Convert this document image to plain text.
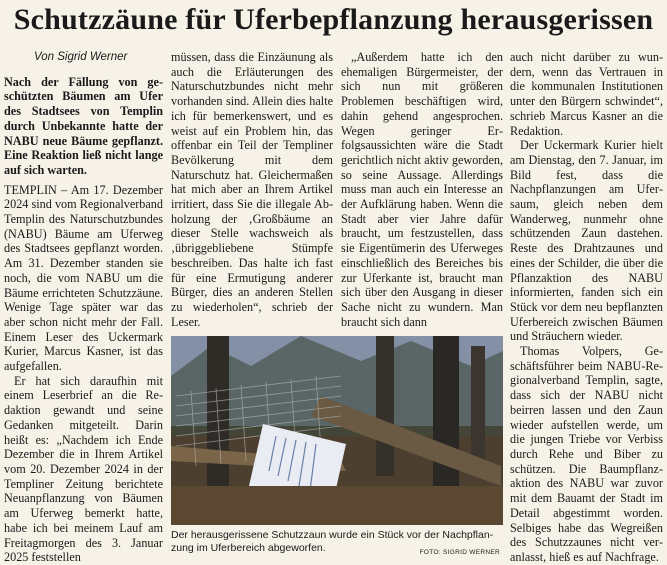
Schutzzäune für Uferbepflanzung herausgerissen

Von Sigrid Werner

Nach der Fällung von geschützten Bäumen am Ufer des Stadtsees von Templin durch Unbekannte hatte der NABU neue Bäume gepflanzt. Eine Reaktion ließ nicht lange auf sich warten.

TEMPLIN – Am 17. Dezember 2024 sind vom Regionalverband Templin des Naturschutzbundes (NABU) Bäume am Uferweg des Stadtsees gepflanzt worden. Am 31. Dezember standen sie noch, die vom NABU um die Bäume errichteten Schutzzäune. Wenige Tage später war das aber schon nicht mehr der Fall. Einem Leser des Uckermark Kurier, Marcus Kasner, ist das aufgefallen.

Er hat sich daraufhin mit einem Leserbrief an die Redaktion gewandt und seine Gedanken mitgeteilt. Darin heißt es: „Nachdem ich Ende Dezember die in Ihrem Artikel vom 20. Dezember 2024 in der Templiner Zeitung berichtete Neuanpflanzung von Bäumen am Uferweg bemerkt hatte, habe ich bei meinem Lauf am Freitagmorgen des 3. Januar 2025 feststellen

müssen, dass die Einzäunung als auch die Erläuterungen des Naturschutzbundes nicht mehr vorhanden sind. Allein dies halte ich für bemerkenswert, und es weist auf ein Problem hin, das offenbar ein Teil der Templiner Bevölkerung mit dem Naturschutz hat. Gleichermaßen hat mich aber an Ihrem Artikel irritiert, dass Sie die illegale Abholzung der ‚Großbäume an dieser Stelle wachsweich als ‚übriggebliebene Stümpfe beschreiben. Das halte ich fast für eine Ermutigung anderer Bürger, dies an anderen Stellen zu wiederholen“, schrieb der Leser.

„Außerdem hatte ich den ehemaligen Bürgermeister, der sich nun mit größeren Problemen beschäftigen wird, dahin gehend angesprochen. Wegen geringer Erfolgsaussichten wäre die Stadt gerichtlich nicht aktiv geworden, so seine Aussage. Allerdings muss man auch ein Interesse an der Aufklärung haben. Wenn die Stadt aber vier Jahre dafür braucht, um festzustellen, dass sie Eigentümerin des Uferweges einschließlich des Bereiches bis zur Uferkante ist, braucht man sich über den Ausgang in dieser Sache nicht zu wundern. Man braucht sich dann

auch nicht darüber zu wundern, wenn das Vertrauen in die kommunalen Institutionen unter den Bürgern schwindet“, schrieb Marcus Kasner an die Redaktion.

Der Uckermark Kurier hielt am Dienstag, den 7. Januar, im Bild fest, dass die Nachpflanzungen am Ufersaum, gleich neben dem Wanderweg, nunmehr ohne schützenden Zaun dastehen. Reste des Drahtzaunes und eines der Schilder, die über die Pflanzaktion des NABU informierten, fanden sich ein Stück vor dem neu bepflanzten Uferbereich zwischen Bäumen und Sträuchern wieder.

Thomas Volpers, Geschäftsführer beim NABU-Regionalverband Templin, sagte, dass sich der NABU nicht beirren lassen und den Zaun wieder aufstellen werde, um die jungen Triebe vor Verbiss durch Rehe und Biber zu schützen. Die Baumpflanzaktion des NABU war zuvor mit dem Bauamt der Stadt im Detail abgestimmt worden. Selbiges habe das Wegreißen des Schutzzaunes nicht veranlasst, hieß es auf Nachfrage.

Der herausgerissene Schutzzaun wurde ein Stück vor der Nachpflanzung im Uferbereich abgeworfen.	FOTO: SIGRID WERNER
